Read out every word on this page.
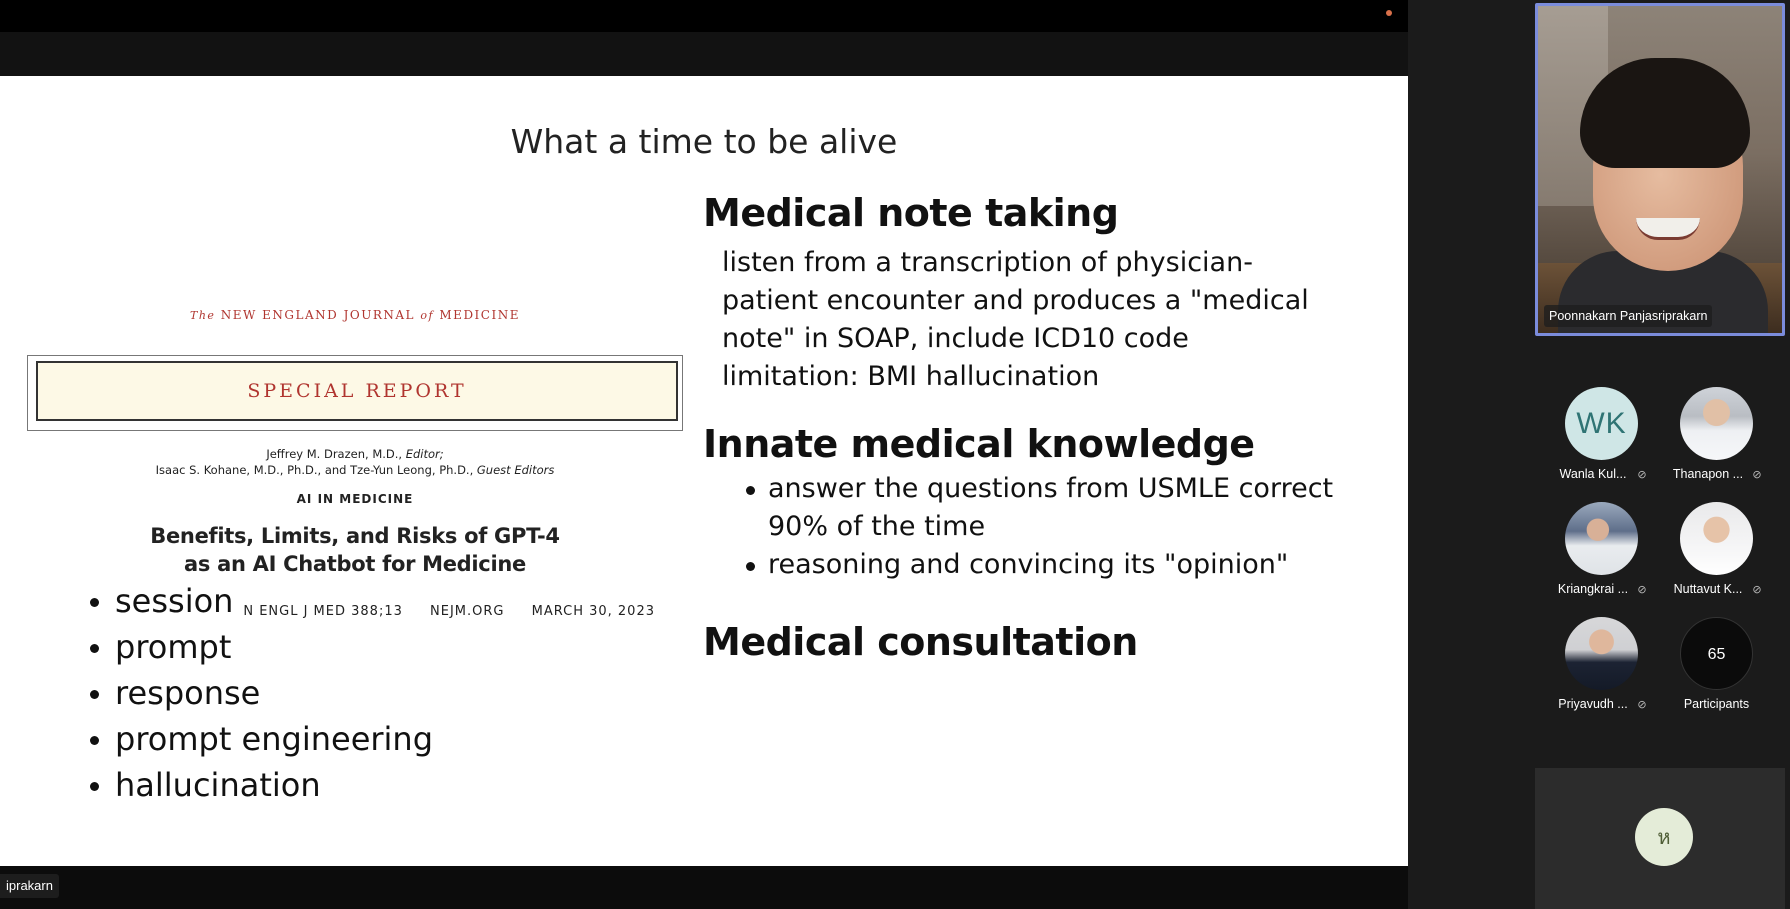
What a time to be alive
The NEW ENGLAND JOURNAL of MEDICINE
SPECIAL REPORT
Jeffrey M. Drazen, M.D., Editor;
Isaac S. Kohane, M.D., Ph.D., and Tze-Yun Leong, Ph.D., Guest Editors
AI IN MEDICINE
Benefits, Limits, and Risks of GPT-4
as an AI Chatbot for Medicine
N ENGL J MED 388;13 NEJM.ORG MARCH 30, 2023
session
prompt
response
prompt engineering
hallucination
Medical note taking
listen from a transcription of physician-
patient encounter and produces a "medical
note" in SOAP, include ICD10 code
limitation: BMI hallucination
Innate medical knowledge
answer the questions from USMLE correct 90% of the time
reasoning and convincing its "opinion"
Medical consultation
iprakarn
Poonnakarn Panjasriprakarn
WK
Wanla Kul... ⊘	Thanapon ... ⊘
Kriangkrai ... ⊘	Nuttavut K... ⊘
Priyavudh ... ⊘
65
Participants
ห
